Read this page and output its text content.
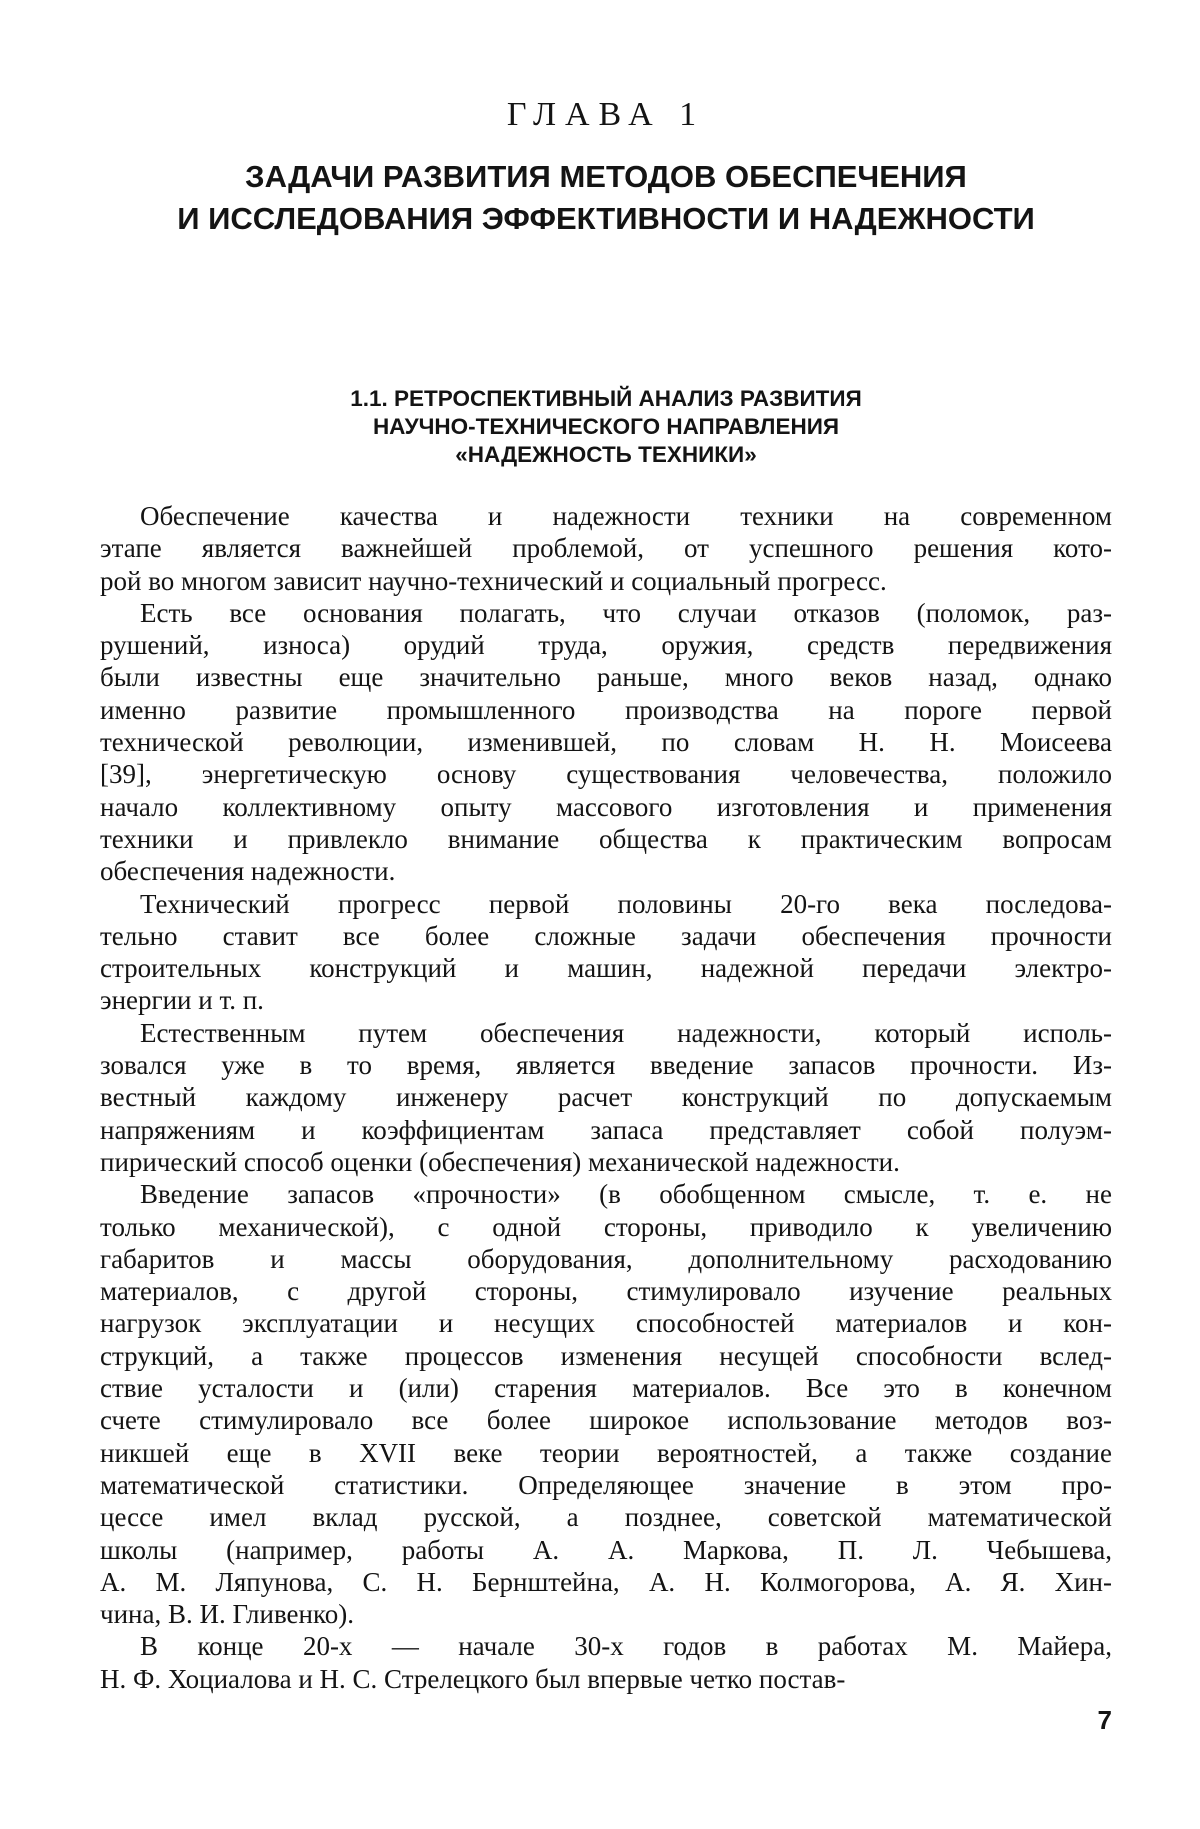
ГЛАВА 1
ЗАДАЧИ РАЗВИТИЯ МЕТОДОВ ОБЕСПЕЧЕНИЯ
И ИССЛЕДОВАНИЯ ЭФФЕКТИВНОСТИ И НАДЕЖНОСТИ
1.1. РЕТРОСПЕКТИВНЫЙ АНАЛИЗ РАЗВИТИЯ
НАУЧНО-ТЕХНИЧЕСКОГО НАПРАВЛЕНИЯ
«НАДЕЖНОСТЬ ТЕХНИКИ»

Обеспечение качества и надежности техники на современном
этапе является важнейшей проблемой, от успешного решения кото-
рой во многом зависит научно-технический и социальный прогресс.

Есть все основания полагать, что случаи отказов (поломок, раз-
рушений, износа) орудий труда, оружия, средств передвижения
были известны еще значительно раньше, много веков назад, однако
именно развитие промышленного производства на пороге первой
технической революции, изменившей, по словам Н. Н. Моисеева
[39], энергетическую основу существования человечества, положило
начало коллективному опыту массового изготовления и применения
техники и привлекло внимание общества к практическим вопросам
обеспечения надежности.

Технический прогресс первой половины 20-го века последова-
тельно ставит все более сложные задачи обеспечения прочности
строительных конструкций и машин, надежной передачи электро-
энергии и т. п.

Естественным путем обеспечения надежности, который исполь-
зовался уже в то время, является введение запасов прочности. Из-
вестный каждому инженеру расчет конструкций по допускаемым
напряжениям и коэффициентам запаса представляет собой полуэм-
пирический способ оценки (обеспечения) механической надежности.

Введение запасов «прочности» (в обобщенном смысле, т. е. не
только механической), с одной стороны, приводило к увеличению
габаритов и массы оборудования, дополнительному расходованию
материалов, с другой стороны, стимулировало изучение реальных
нагрузок эксплуатации и несущих способностей материалов и кон-
струкций, а также процессов изменения несущей способности вслед-
ствие усталости и (или) старения материалов. Все это в конечном
счете стимулировало все более широкое использование методов воз-
никшей еще в XVII веке теории вероятностей, а также создание
математической статистики. Определяющее значение в этом про-
цессе имел вклад русской, а позднее, советской математической
школы (например, работы А. А. Маркова, П. Л. Чебышева,
А. М. Ляпунова, С. Н. Бернштейна, А. Н. Колмогорова, А. Я. Хин-
чина, В. И. Гливенко).

В конце 20-х — начале 30-х годов в работах М. Майера,
Н. Ф. Хоциалова и Н. С. Стрелецкого был впервые четко постав-

7
